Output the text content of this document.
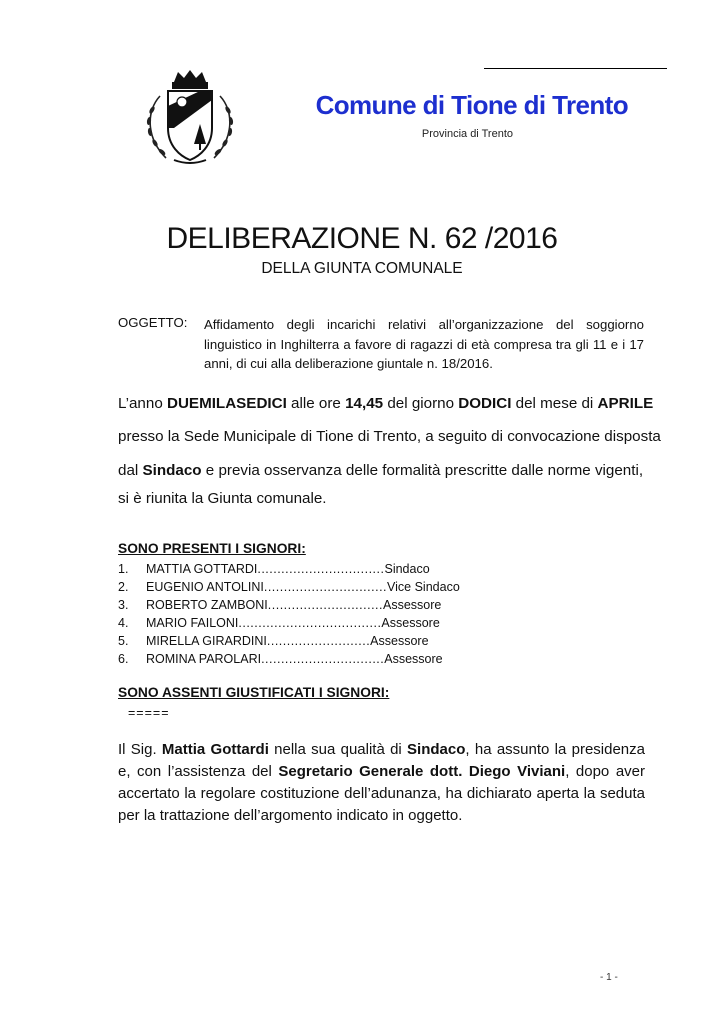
Comune di Tione di Trento
Provincia di Trento
DELIBERAZIONE N. 62 /2016
DELLA GIUNTA COMUNALE
OGGETTO: Affidamento degli incarichi relativi all’organizzazione del soggiorno linguistico in Inghilterra a favore di ragazzi di età compresa tra gli 11 e i 17 anni, di cui alla deliberazione giuntale n. 18/2016.
L’anno DUEMILASEDICI alle ore 14,45 del giorno DODICI del mese di APRILE
presso la Sede Municipale di Tione di Trento, a seguito di convocazione disposta
dal Sindaco e previa osservanza delle formalità prescritte dalle norme vigenti,
si è riunita la Giunta comunale.
SONO PRESENTI I SIGNORI:
1.	MATTIA GOTTARDI ................................ Sindaco
2.	EUGENIO ANTOLINI ............................... Vice Sindaco
3.	ROBERTO ZAMBONI ............................. Assessore
4.	MARIO FAILONI .................................... Assessore
5.	MIRELLA GIRARDINI .......................... Assessore
6.	ROMINA PAROLARI ............................... Assessore
SONO ASSENTI GIUSTIFICATI I SIGNORI:
=====
Il Sig. Mattia Gottardi nella sua qualità di Sindaco, ha assunto la presidenza
e, con l’assistenza del Segretario Generale dott. Diego Viviani, dopo aver
accertato la regolare costituzione dell’adunanza, ha dichiarato aperta la seduta
per la trattazione dell’argomento indicato in oggetto.
- 1 -
